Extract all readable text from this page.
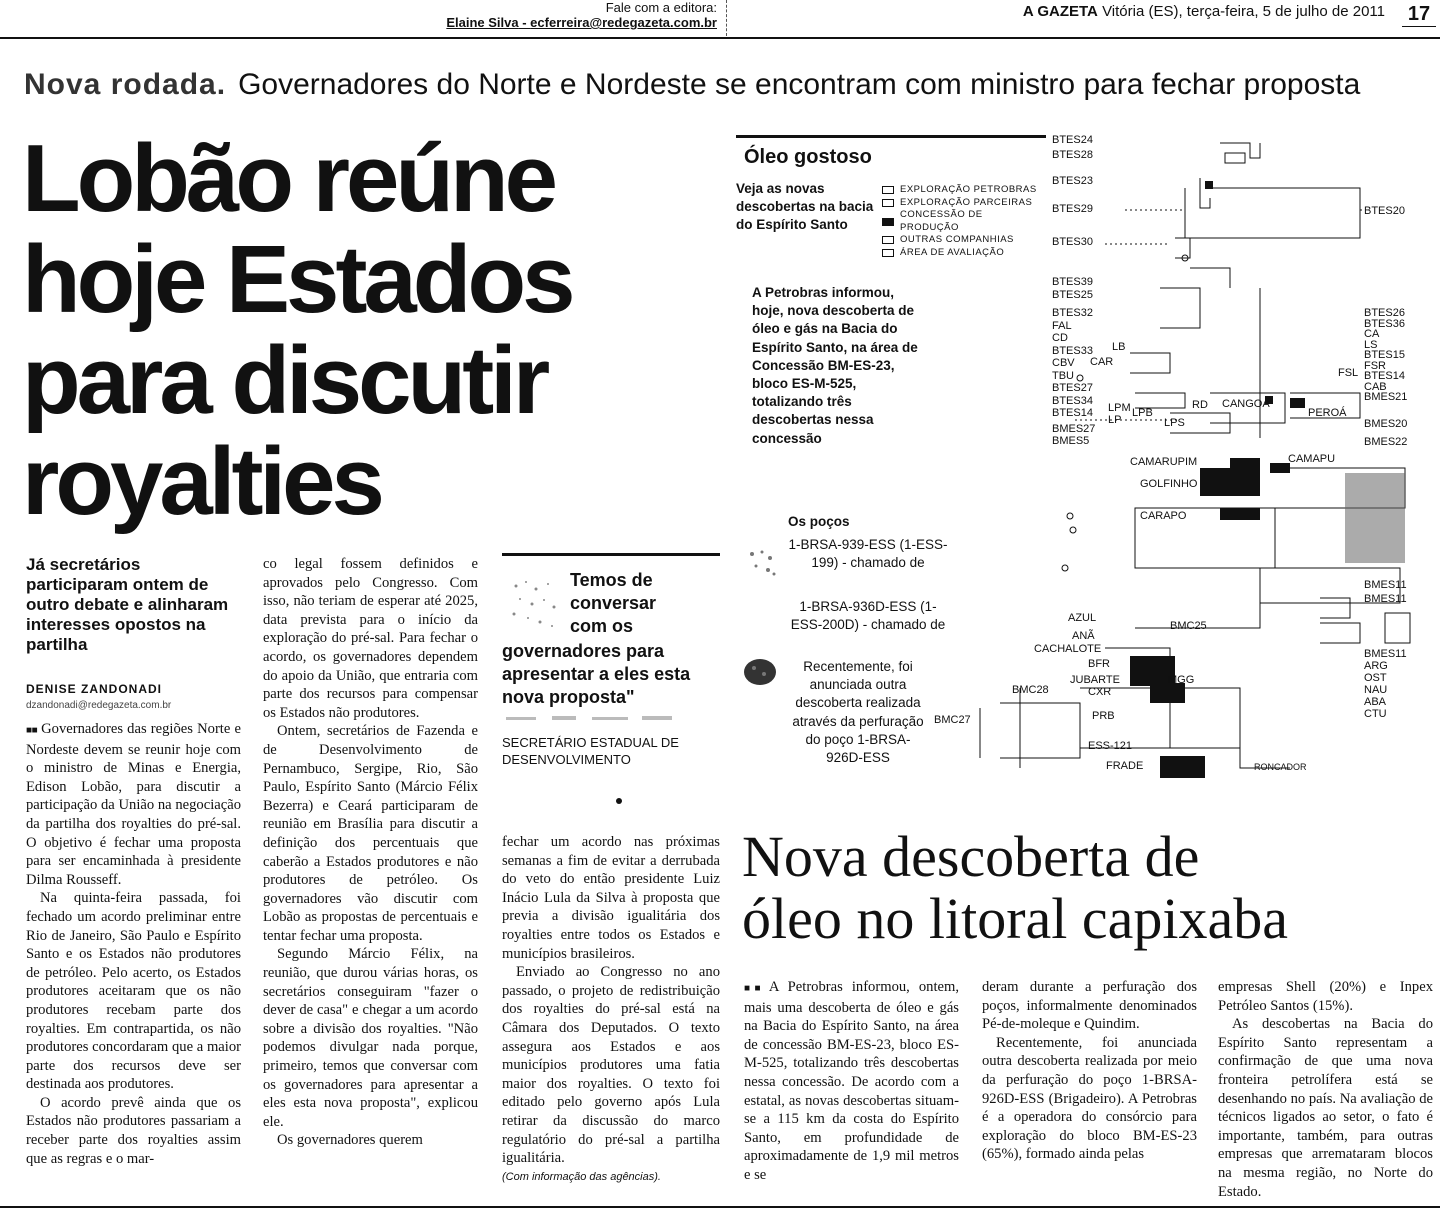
Fale com a editora:
Elaine Silva - ecferreira@redegazeta.com.br
A GAZETA Vitória (ES), terça-feira, 5 de julho de 2011 17
Nova rodada. Governadores do Norte e Nordeste se encontram com ministro para fechar proposta
Lobão reúne
hoje Estados
para discutir
royalties
Já secretários participaram ontem de outro debate e alinharam interesses opostos na partilha
DENISE ZANDONADI
dzandonadi@redegazeta.com.br

■■ Governadores das regiões Norte e Nordeste devem se reunir hoje com o ministro de Minas e Energia, Edison Lobão, para discutir a participação da União na negociação da partilha dos royalties do pré-sal. O objetivo é fechar uma proposta para ser encaminhada à presidente Dilma Rousseff.

Na quinta-feira passada, foi fechado um acordo preliminar entre Rio de Janeiro, São Paulo e Espírito Santo e os Estados não produtores de petróleo. Pelo acerto, os Estados produtores aceitaram que os não produtores recebam parte dos royalties. Em contrapartida, os não produtores concordaram que a maior parte dos recursos deve ser destinada aos produtores.

O acordo prevê ainda que os Estados não produtores passariam a receber parte dos royalties assim que as regras e o mar-

co legal fossem definidos e aprovados pelo Congresso. Com isso, não teriam de esperar até 2025, data prevista para o início da exploração do pré-sal. Para fechar o acordo, os governadores dependem do apoio da União, que entraria com parte dos recursos para compensar os Estados não produtores.

Ontem, secretários de Fazenda e de Desenvolvimento de Pernambuco, Sergipe, Rio, São Paulo, Espírito Santo (Márcio Félix Bezerra) e Ceará participaram de reunião em Brasília para discutir a definição dos percentuais que caberão a Estados produtores e não produtores de petróleo. Os governadores vão discutir com Lobão as propostas de percentuais e tentar fechar uma proposta.

Segundo Márcio Félix, na reunião, que durou várias horas, os secretários conseguiram "fazer o dever de casa" e chegar a um acordo sobre a divisão dos royalties. "Não podemos divulgar nada porque, primeiro, temos que conversar com os governadores para apresentar a eles esta nova proposta", explicou ele.

Os governadores querem

Temos de
conversar
com os
governadores para apresentar a eles esta nova proposta"
SECRETÁRIO ESTADUAL DE DESENVOLVIMENTO

fechar um acordo nas próximas semanas a fim de evitar a derrubada do veto do então presidente Luiz Inácio Lula da Silva à proposta que previa a divisão igualitária dos royalties entre todos os Estados e municípios brasileiros.

Enviado ao Congresso no ano passado, o projeto de redistribuição dos royalties do pré-sal está na Câmara dos Deputados. O texto assegura aos Estados e aos municípios produtores uma fatia maior dos royalties. O texto foi editado pelo governo após Lula retirar da discussão do marco regulatório do pré-sal a partilha igualitária.

(Com informação das agências).
Óleo gostoso
Veja as novas descobertas na bacia do Espírito Santo
EXPLORAÇÃO PETROBRAS
EXPLORAÇÃO PARCEIRAS
CONCESSÃO DE PRODUÇÃO
OUTRAS COMPANHIAS
ÁREA DE AVALIAÇÃO
A Petrobras informou, hoje, nova descoberta de óleo e gás na Bacia do Espírito Santo, na área de Concessão BM-ES-23, bloco ES-M-525, totalizando três descobertas nessa concessão
Os poços
1-BRSA-939-ESS (1-ESS-199) - chamado de
1-BRSA-936D-ESS (1-ESS-200D) - chamado de
Recentemente, foi anunciada outra descoberta realizada através da perfuração do poço 1-BRSA-926D-ESS
BTES24
BTES28
BTES23
BTES29
BTES30
BTES39
BTES25
BTES32
FAL
CD
BTES33
CBV
TBU
BTES27
BTES34
BTES14
BMES27
BMES5
BTES20
BTES26
BTES36
CA
LS
BTES15
FSR
BTES14
CAB
BMES21
BMES20
BMES22
BMES11
BMES11
BMES11
ARG
OST
NAU
ABA
CTU
LB
CAR
LPM LPB
LP	LPS
RD CANGOA
PEROÁ
FSL
CAMARUPIM	CAMAPU
GOLFINHO
CARAPO
AZUL
ANÃ
CACHALOTE
BMC25
BFR
JUBARTE
CXR
MGG
BMC28
BMC27	PRB
ESS-121
FRADE	RONCADOR
Nova descoberta de
óleo no litoral capixaba

■■ A Petrobras informou, ontem, mais uma descoberta de óleo e gás na Bacia do Espírito Santo, na área de concessão BM-ES-23, bloco ES-M-525, totalizando três descobertas nessa concessão. De acordo com a estatal, as novas descobertas situam-se a 115 km da costa do Espírito Santo, em profundidade de aproximadamente de 1,9 mil metros e se

deram durante a perfuração dos poços, informalmente denominados Pé-de-moleque e Quindim.

Recentemente, foi anunciada outra descoberta realizada por meio da perfuração do poço 1-BRSA-926D-ESS (Brigadeiro). A Petrobras é a operadora do consórcio para exploração do bloco BM-ES-23 (65%), formado ainda pelas

empresas Shell (20%) e Inpex Petróleo Santos (15%).

As descobertas na Bacia do Espírito Santo representam a confirmação de que uma nova fronteira petrolífera está se desenhando no país. Na avaliação de técnicos ligados ao setor, o fato é importante, também, para outras empresas que arremataram blocos na mesma região, no Norte do Estado.
